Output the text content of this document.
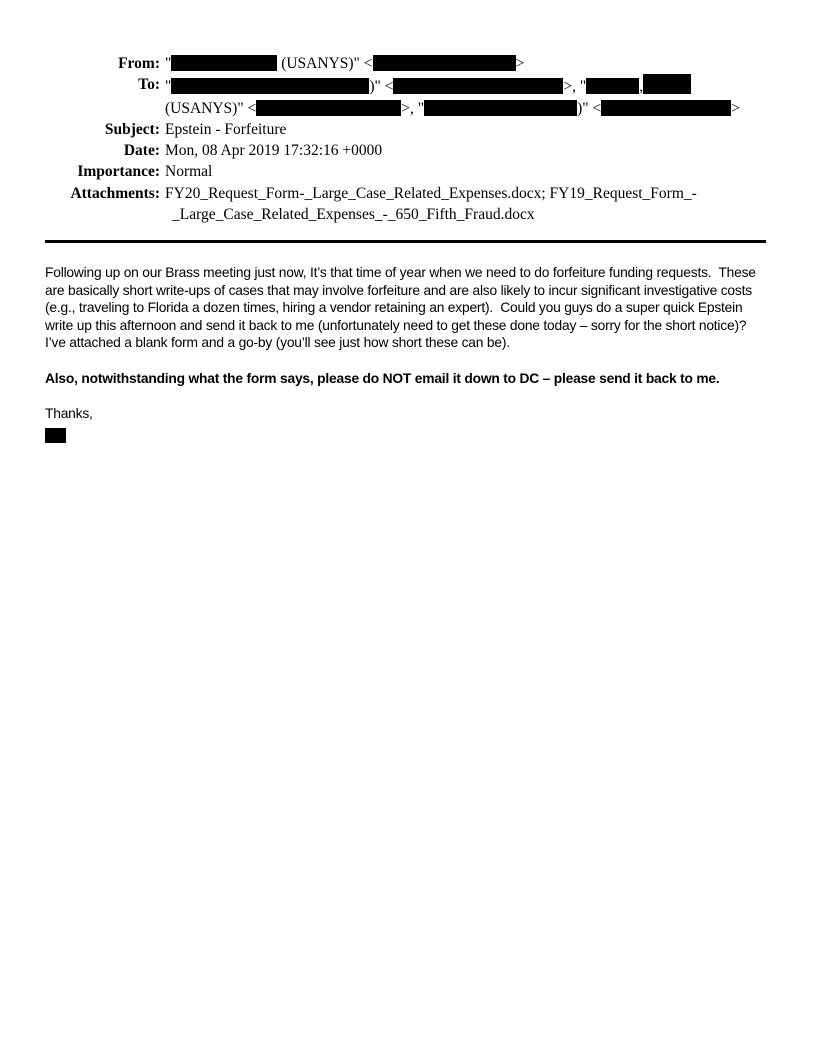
From: "	(USANYS)" <	>
To: "	)" <	>, "	,
(USANYS)" <	>, "	)" <	>
Subject: Epstein - Forfeiture
Date: Mon, 08 Apr 2019 17:32:16 +0000
Importance: Normal
Attachments: FY20_Request_Form-_Large_Case_Related_Expenses.docx; FY19_Request_Form_-
_Large_Case_Related_Expenses_-_650_Fifth_Fraud.docx
Following up on our Brass meeting just now, It’s that time of year when we need to do forfeiture funding requests.  These
are basically short write-ups of cases that may involve forfeiture and are also likely to incur significant investigative costs
(e.g., traveling to Florida a dozen times, hiring a vendor retaining an expert).  Could you guys do a super quick Epstein
write up this afternoon and send it back to me (unfortunately need to get these done today – sorry for the short notice)?
I’ve attached a blank form and a go-by (you’ll see just how short these can be).
Also, notwithstanding what the form says, please do NOT email it down to DC – please send it back to me.
Thanks,
